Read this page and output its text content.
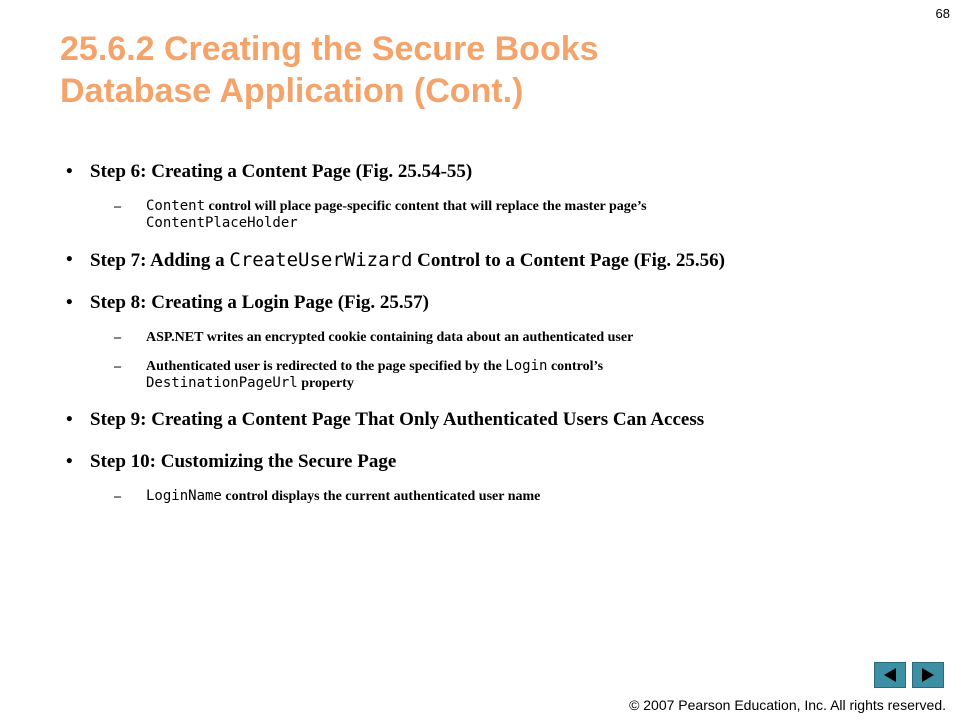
68
25.6.2 Creating the Secure Books
Database Application (Cont.)
• Step 6: Creating a Content Page (Fig. 25.54-55)
– Content control will place page-specific content that will replace the master page’s
ContentPlaceHolder
• Step 7: Adding a CreateUserWizard Control to a Content Page (Fig. 25.56)
• Step 8: Creating a Login Page (Fig. 25.57)
– ASP.NET writes an encrypted cookie containing data about an authenticated user
– Authenticated user is redirected to the page specified by the Login control’s
DestinationPageUrl property
• Step 9: Creating a Content Page That Only Authenticated Users Can Access
• Step 10: Customizing the Secure Page
– LoginName control displays the current authenticated user name
© 2007 Pearson Education, Inc. All rights reserved.
